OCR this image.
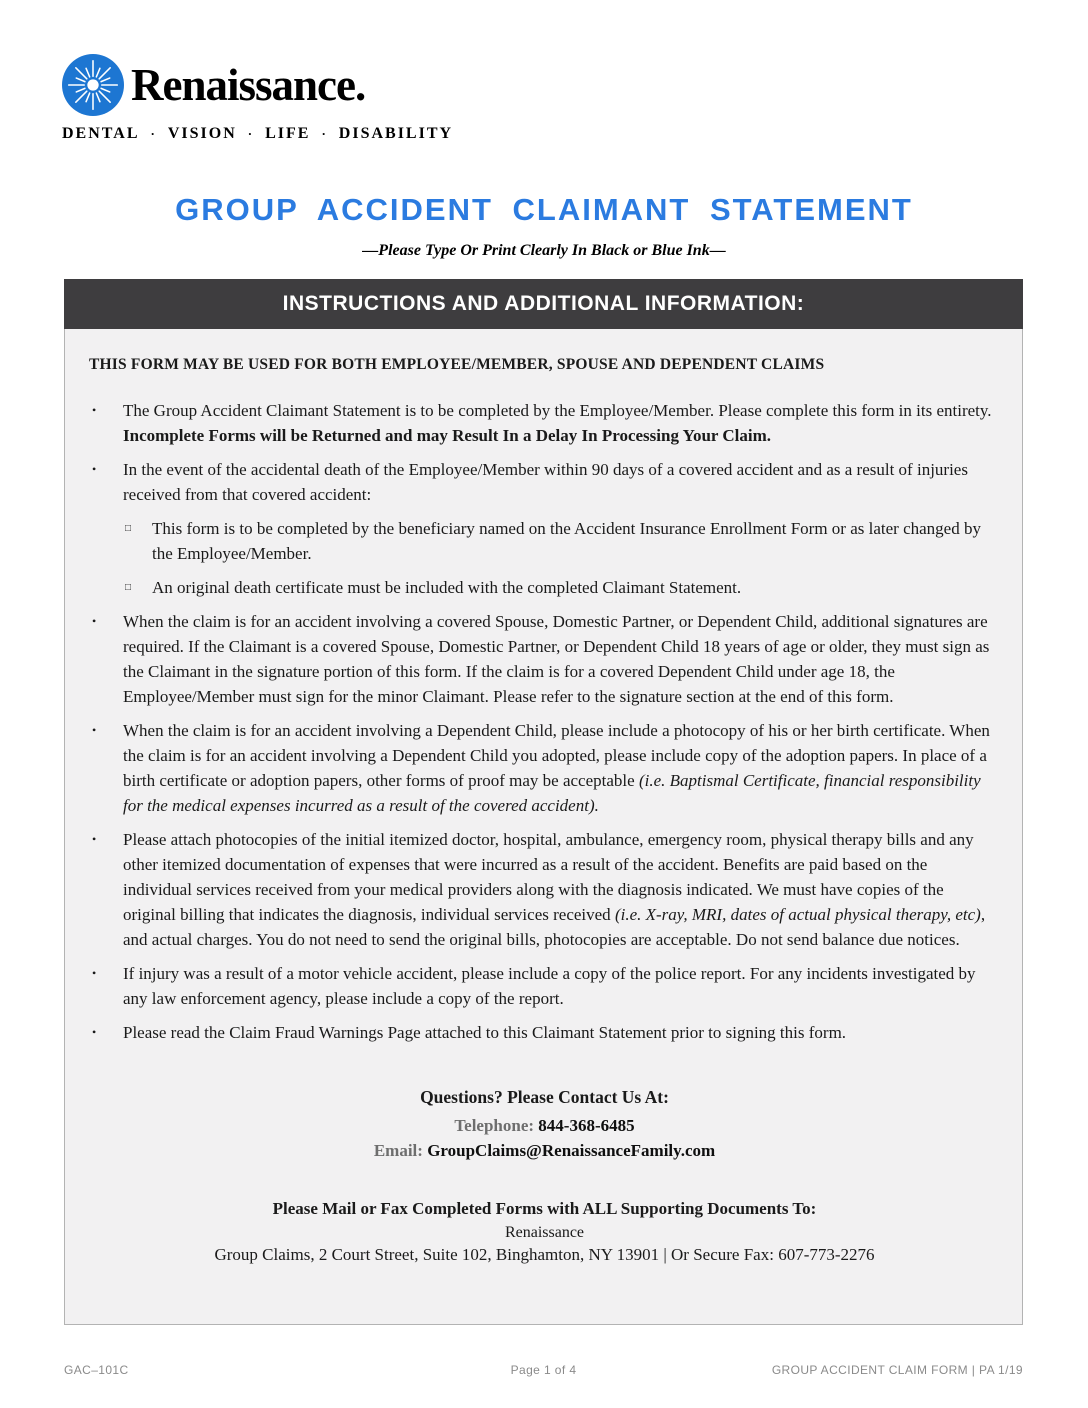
Renaissance.
DENTAL · VISION · LIFE · DISABILITY
GROUP ACCIDENT CLAIMANT STATEMENT
—Please Type Or Print Clearly In Black or Blue Ink—
INSTRUCTIONS AND ADDITIONAL INFORMATION:

THIS FORM MAY BE USED FOR BOTH EMPLOYEE/MEMBER, SPOUSE AND DEPENDENT CLAIMS

•	The Group Accident Claimant Statement is to be completed by the Employee/Member. Please complete this form in its entirety. Incomplete Forms will be Returned and may Result In a Delay In Processing Your Claim.
•	In the event of the accidental death of the Employee/Member within 90 days of a covered accident and as a result of injuries received from that covered accident:
□	This form is to be completed by the beneficiary named on the Accident Insurance Enrollment Form or as later changed by the Employee/Member.
□	An original death certificate must be included with the completed Claimant Statement.
•	When the claim is for an accident involving a covered Spouse, Domestic Partner, or Dependent Child, additional signatures are required. If the Claimant is a covered Spouse, Domestic Partner, or Dependent Child 18 years of age or older, they must sign as the Claimant in the signature portion of this form. If the claim is for a covered Dependent Child under age 18, the Employee/Member must sign for the minor Claimant. Please refer to the signature section at the end of this form.
•	When the claim is for an accident involving a Dependent Child, please include a photocopy of his or her birth certificate. When the claim is for an accident involving a Dependent Child you adopted, please include copy of the adoption papers. In place of a birth certificate or adoption papers, other forms of proof may be acceptable (i.e. Baptismal Certificate, financial responsibility for the medical expenses incurred as a result of the covered accident).
•	Please attach photocopies of the initial itemized doctor, hospital, ambulance, emergency room, physical therapy bills and any other itemized documentation of expenses that were incurred as a result of the accident. Benefits are paid based on the individual services received from your medical providers along with the diagnosis indicated. We must have copies of the original billing that indicates the diagnosis, individual services received (i.e. X-ray, MRI, dates of actual physical therapy, etc), and actual charges. You do not need to send the original bills, photocopies are acceptable. Do not send balance due notices.
•	If injury was a result of a motor vehicle accident, please include a copy of the police report. For any incidents investigated by any law enforcement agency, please include a copy of the report.
•	Please read the Claim Fraud Warnings Page attached to this Claimant Statement prior to signing this form.
Questions? Please Contact Us At:
Telephone: 844-368-6485
Email: GroupClaims@RenaissanceFamily.com
Please Mail or Fax Completed Forms with ALL Supporting Documents To:
Renaissance
Group Claims, 2 Court Street, Suite 102, Binghamton, NY 13901 | Or Secure Fax: 607-773-2276
GAC–101C	Page 1 of 4	GROUP ACCIDENT CLAIM FORM | PA 1/19
